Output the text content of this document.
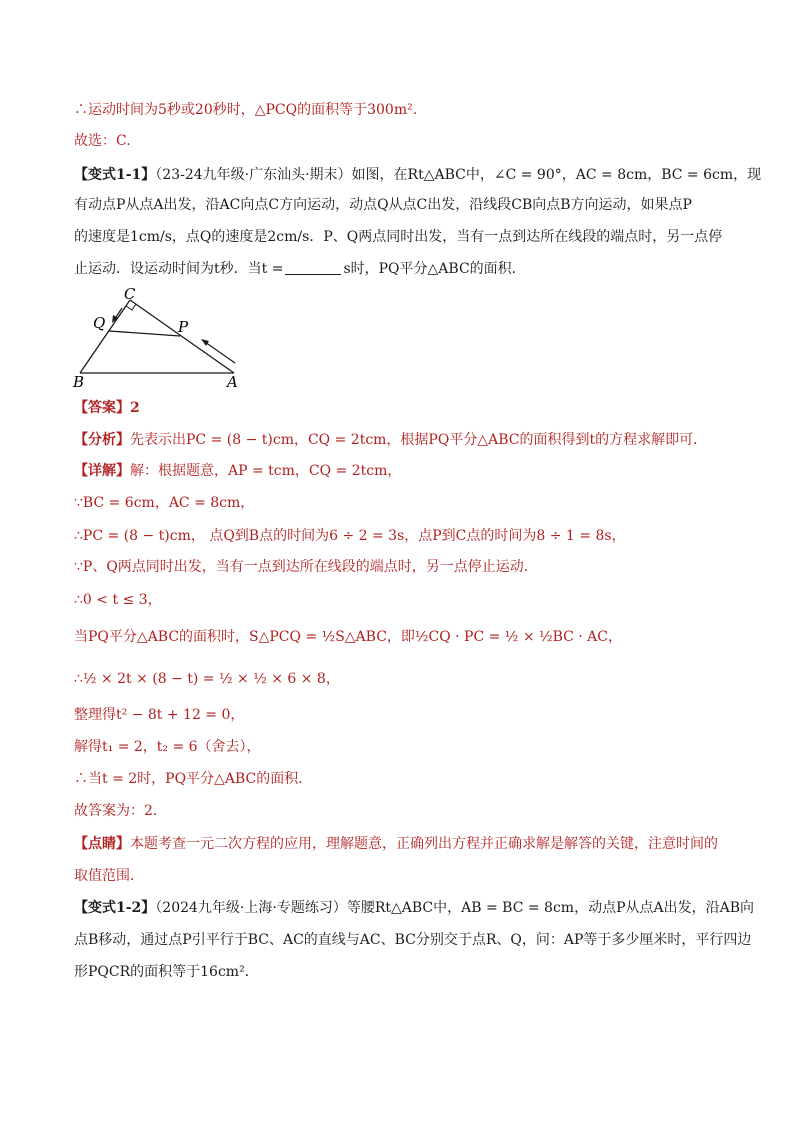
∴运动时间为5秒或20秒时，△PCQ的面积等于300m².
故选：C.
【变式1-1】（23-24九年级·广东汕头·期末）如图，在Rt△ABC中，∠C = 90°，AC = 8cm，BC = 6cm，现
有动点P从点A出发，沿AC向点C方向运动，动点Q从点C出发，沿线段CB向点B方向运动，如果点P
的速度是1cm/s，点Q的速度是2cm/s．P、Q两点同时出发，当有一点到达所在线段的端点时，另一点停
止运动．设运动时间为t秒．当t =	s时，PQ平分△ABC的面积．
C
Q	P
B	A
【答案】2
【分析】先表示出PC = (8 − t)cm，CQ = 2tcm，根据PQ平分△ABC的面积得到t的方程求解即可．
【详解】解：根据题意，AP = tcm，CQ = 2tcm，
∵BC = 6cm，AC = 8cm，
∴PC = (8 − t)cm， 点Q到B点的时间为6 ÷ 2 = 3s，点P到C点的时间为8 ÷ 1 = 8s，
∵P、Q两点同时出发，当有一点到达所在线段的端点时，另一点停止运动．
∴0 < t ≤ 3，
当PQ平分△ABC的面积时，S△PCQ = ½S△ABC，即½CQ · PC = ½ × ½BC · AC，
∴½ × 2t × (8 − t) = ½ × ½ × 6 × 8，
整理得t² − 8t + 12 = 0，
解得t₁ = 2，t₂ = 6（舍去），
∴当t = 2时，PQ平分△ABC的面积．
故答案为：2．
【点睛】本题考查一元二次方程的应用，理解题意，正确列出方程并正确求解是解答的关键，注意时间的
取值范围．
【变式1-2】（2024九年级·上海·专题练习）等腰Rt△ABC中，AB = BC = 8cm，动点P从点A出发，沿AB向
点B移动，通过点P引平行于BC、AC的直线与AC、BC分别交于点R、Q，问：AP等于多少厘米时，平行四边
形PQCR的面积等于16cm²．
